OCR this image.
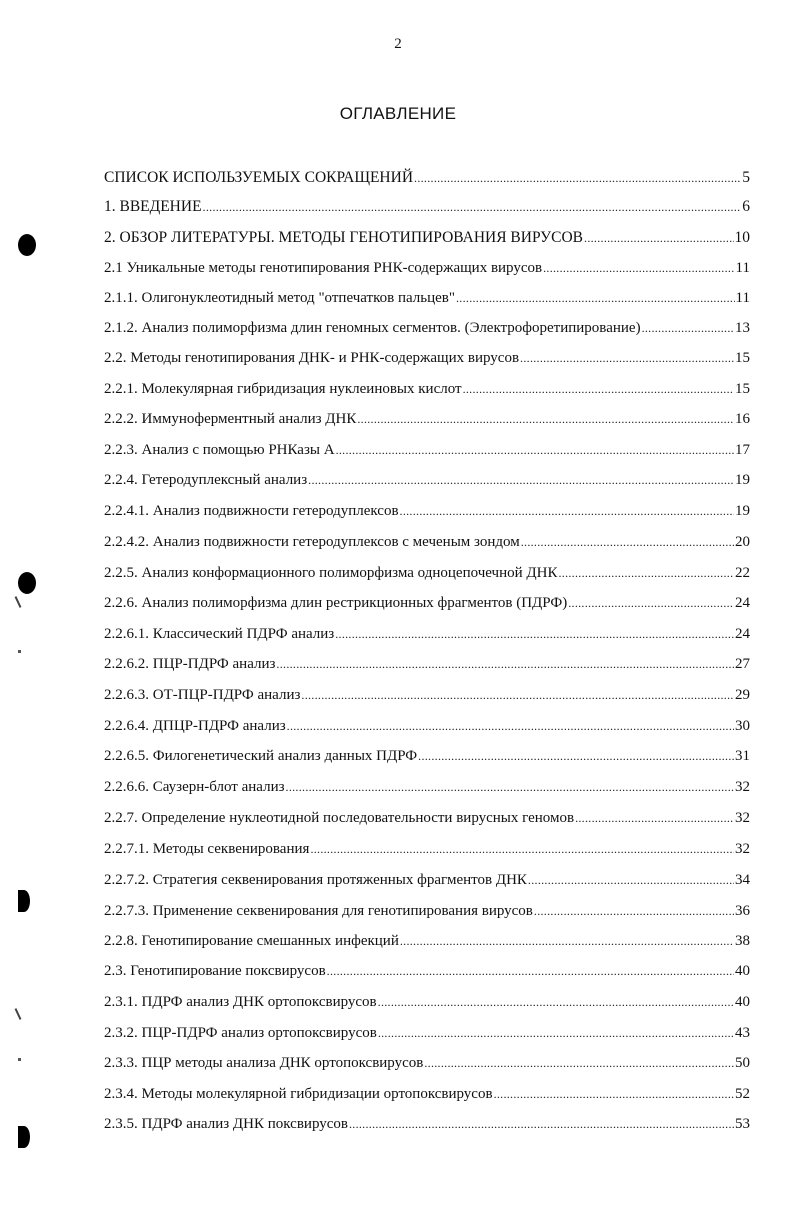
2
ОГЛАВЛЕНИЕ
СПИСОК ИСПОЛЬЗУЕМЫХ СОКРАЩЕНИЙ .....	5
1. ВВЕДЕНИЕ .....	6
2. ОБЗОР ЛИТЕРАТУРЫ. МЕТОДЫ ГЕНОТИПИРОВАНИЯ ВИРУСОВ .....	10
2.1 Уникальные методы генотипирования РНК-содержащих вирусов .....	11
2.1.1. Олигонуклеотидный метод "отпечатков пальцев" .....	11
2.1.2. Анализ полиморфизма длин геномных сегментов. (Электрофоретипирование) .....	13
2.2. Методы генотипирования ДНК- и РНК-содержащих вирусов .....	15
2.2.1. Молекулярная гибридизация нуклеиновых кислот .....	15
2.2.2. Иммуноферментный анализ ДНК .....	16
2.2.3. Анализ с помощью РНКазы А .....	17
2.2.4. Гетеродуплексный анализ .....	19
2.2.4.1. Анализ подвижности гетеродуплексов .....	19
2.2.4.2. Анализ подвижности гетеродуплексов с меченым зондом .....	20
2.2.5. Анализ конформационного полиморфизма одноцепочечной ДНК .....	22
2.2.6. Анализ полиморфизма длин рестрикционных фрагментов (ПДРФ) .....	24
2.2.6.1. Классический ПДРФ анализ .....	24
2.2.6.2. ПЦР-ПДРФ анализ .....	27
2.2.6.3. ОТ-ПЦР-ПДРФ анализ .....	29
2.2.6.4. ДПЦР-ПДРФ анализ .....	30
2.2.6.5. Филогенетический анализ данных ПДРФ .....	31
2.2.6.6. Саузерн-блот анализ .....	32
2.2.7. Определение нуклеотидной последовательности вирусных геномов .....	32
2.2.7.1. Методы секвенирования .....	32
2.2.7.2. Стратегия секвенирования протяженных фрагментов ДНК .....	34
2.2.7.3. Применение секвенирования для генотипирования вирусов .....	36
2.2.8. Генотипирование смешанных инфекций .....	38
2.3. Генотипирование поксвирусов .....	40
2.3.1. ПДРФ анализ ДНК ортопоксвирусов .....	40
2.3.2. ПЦР-ПДРФ анализ ортопоксвирусов .....	43
2.3.3. ПЦР методы анализа ДНК ортопоксвирусов .....	50
2.3.4. Методы молекулярной гибридизации ортопоксвирусов .....	52
2.3.5. ПДРФ анализ ДНК поксвирусов .....	53
